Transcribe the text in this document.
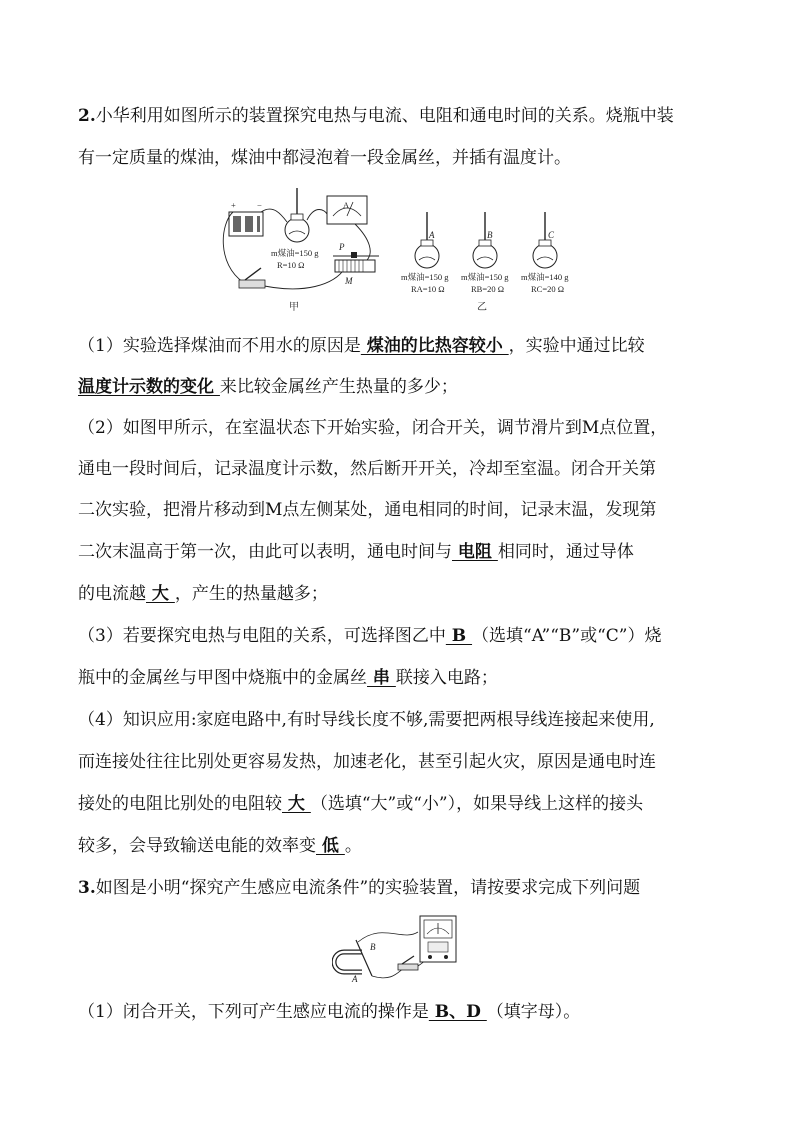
2.小华利用如图所示的装置探究电热与电流、电阻和通电时间的关系。烧瓶中装
有一定质量的煤油，煤油中都浸泡着一段金属丝，并插有温度计。
+ −
m煤油=150 g
R=10 Ω
A
P
M
甲
A
m煤油=150 g
RA=10 Ω
B
m煤油=150 g
RB=20 Ω
乙
C
m煤油=140 g
RC=20 Ω
（1）实验选择煤油而不用水的原因是 煤油的比热容较小 ，实验中通过比较
温度计示数的变化 来比较金属丝产生热量的多少；
（2）如图甲所示，在室温状态下开始实验，闭合开关，调节滑片到M点位置，
通电一段时间后，记录温度计示数，然后断开开关，冷却至室温。闭合开关第
二次实验，把滑片移动到M点左侧某处，通电相同的时间，记录末温，发现第
二次末温高于第一次，由此可以表明，通电时间与 电阻 相同时，通过导体
的电流越 大 ，产生的热量越多；
（3）若要探究电热与电阻的关系，可选择图乙中 B （选填“A”“B”或“C”）烧
瓶中的金属丝与甲图中烧瓶中的金属丝 串 联接入电路；
（4）知识应用:家庭电路中,有时导线长度不够,需要把两根导线连接起来使用,
而连接处往往比别处更容易发热，加速老化，甚至引起火灾，原因是通电时连
接处的电阻比别处的电阻较 大 （选填“大”或“小”），如果导线上这样的接头
较多，会导致输送电能的效率变 低 。
3.如图是小明“探究产生感应电流条件”的实验装置，请按要求完成下列问题
B
A
（1）闭合开关，下列可产生感应电流的操作是 B、D （填字母）。
